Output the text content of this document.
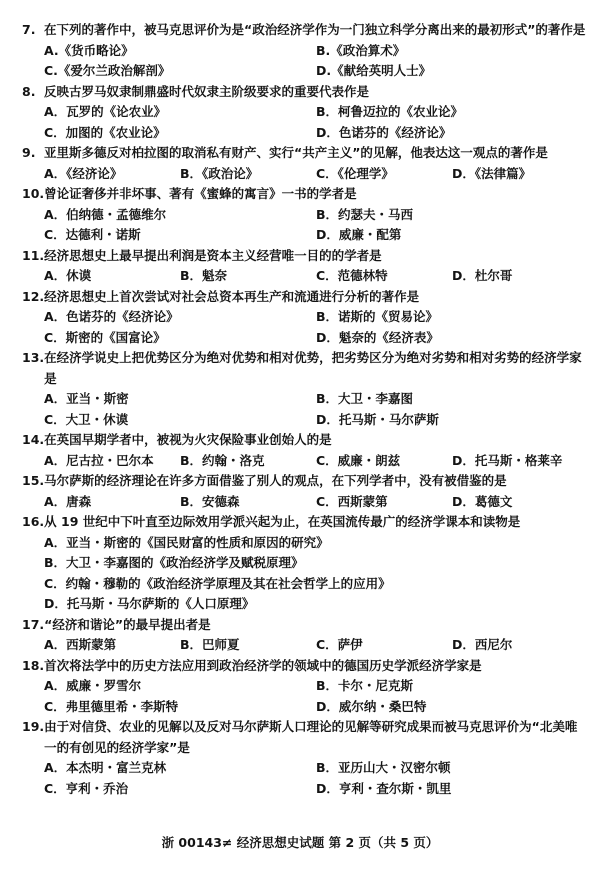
7. 在下列的著作中，被马克思评价为是“政治经济学作为一门独立科学分离出来的最初形式”的著作是
A.《货币略论》	B.《政治算术》
C.《爱尔兰政治解剖》	D.《献给英明人士》
8. 反映古罗马奴隶制鼎盛时代奴隶主阶级要求的重要代表作是
A．瓦罗的《论农业》	B．柯鲁迈拉的《农业论》
C．加图的《农业论》	D．色诺芬的《经济论》
9. 亚里斯多德反对柏拉图的取消私有财产、实行“共产主义”的见解，他表达这一观点的著作是
A．《经济论》	B．《政治论》	C．《伦理学》	D．《法律篇》
10. 曾论证奢侈并非坏事、著有《蜜蜂的寓言》一书的学者是
A．伯纳德・孟德维尔	B．约瑟夫・马西
C．达德利・诺斯	D．威廉・配第
11. 经济思想史上最早提出利润是资本主义经营唯一目的的学者是
A．休谟	B．魁奈	C．范德林特	D．杜尔哥
12. 经济思想史上首次尝试对社会总资本再生产和流通进行分析的著作是
A．色诺芬的《经济论》	B．诺斯的《贸易论》
C．斯密的《国富论》	D．魁奈的《经济表》
13. 在经济学说史上把优势区分为绝对优势和相对优势，把劣势区分为绝对劣势和相对劣势的经济学家是
A．亚当・斯密	B．大卫・李嘉图
C．大卫・休谟	D．托马斯・马尔萨斯
14. 在英国早期学者中，被视为火灾保险事业创始人的是
A．尼古拉・巴尔本	B．约翰・洛克	C．威廉・朗兹	D．托马斯・格莱辛
15. 马尔萨斯的经济理论在许多方面借鉴了别人的观点，在下列学者中，没有被借鉴的是
A．唐森	B．安德森	C．西斯蒙第	D．葛德文
16. 从 19 世纪中下叶直至边际效用学派兴起为止，在英国流传最广的经济学课本和读物是
A．亚当・斯密的《国民财富的性质和原因的研究》
B．大卫・李嘉图的《政治经济学及赋税原理》
C．约翰・穆勒的《政治经济学原理及其在社会哲学上的应用》
D．托马斯・马尔萨斯的《人口原理》
17. “经济和谐论”的最早提出者是
A．西斯蒙第	B．巴师夏	C．萨伊	D．西尼尔
18. 首次将法学中的历史方法应用到政治经济学的领域中的德国历史学派经济学家是
A．威廉・罗雪尔	B．卡尔・尼克斯
C．弗里德里希・李斯特	D．威尔纳・桑巴特
19. 由于对信贷、农业的见解以及反对马尔萨斯人口理论的见解等研究成果而被马克思评价为“北美唯一的有创见的经济学家”是
A．本杰明・富兰克林	B．亚历山大・汉密尔顿
C．亨利・乔治	D．亨利・查尔斯・凯里
浙 00143≠ 经济思想史试题 第 2 页（共 5 页）
